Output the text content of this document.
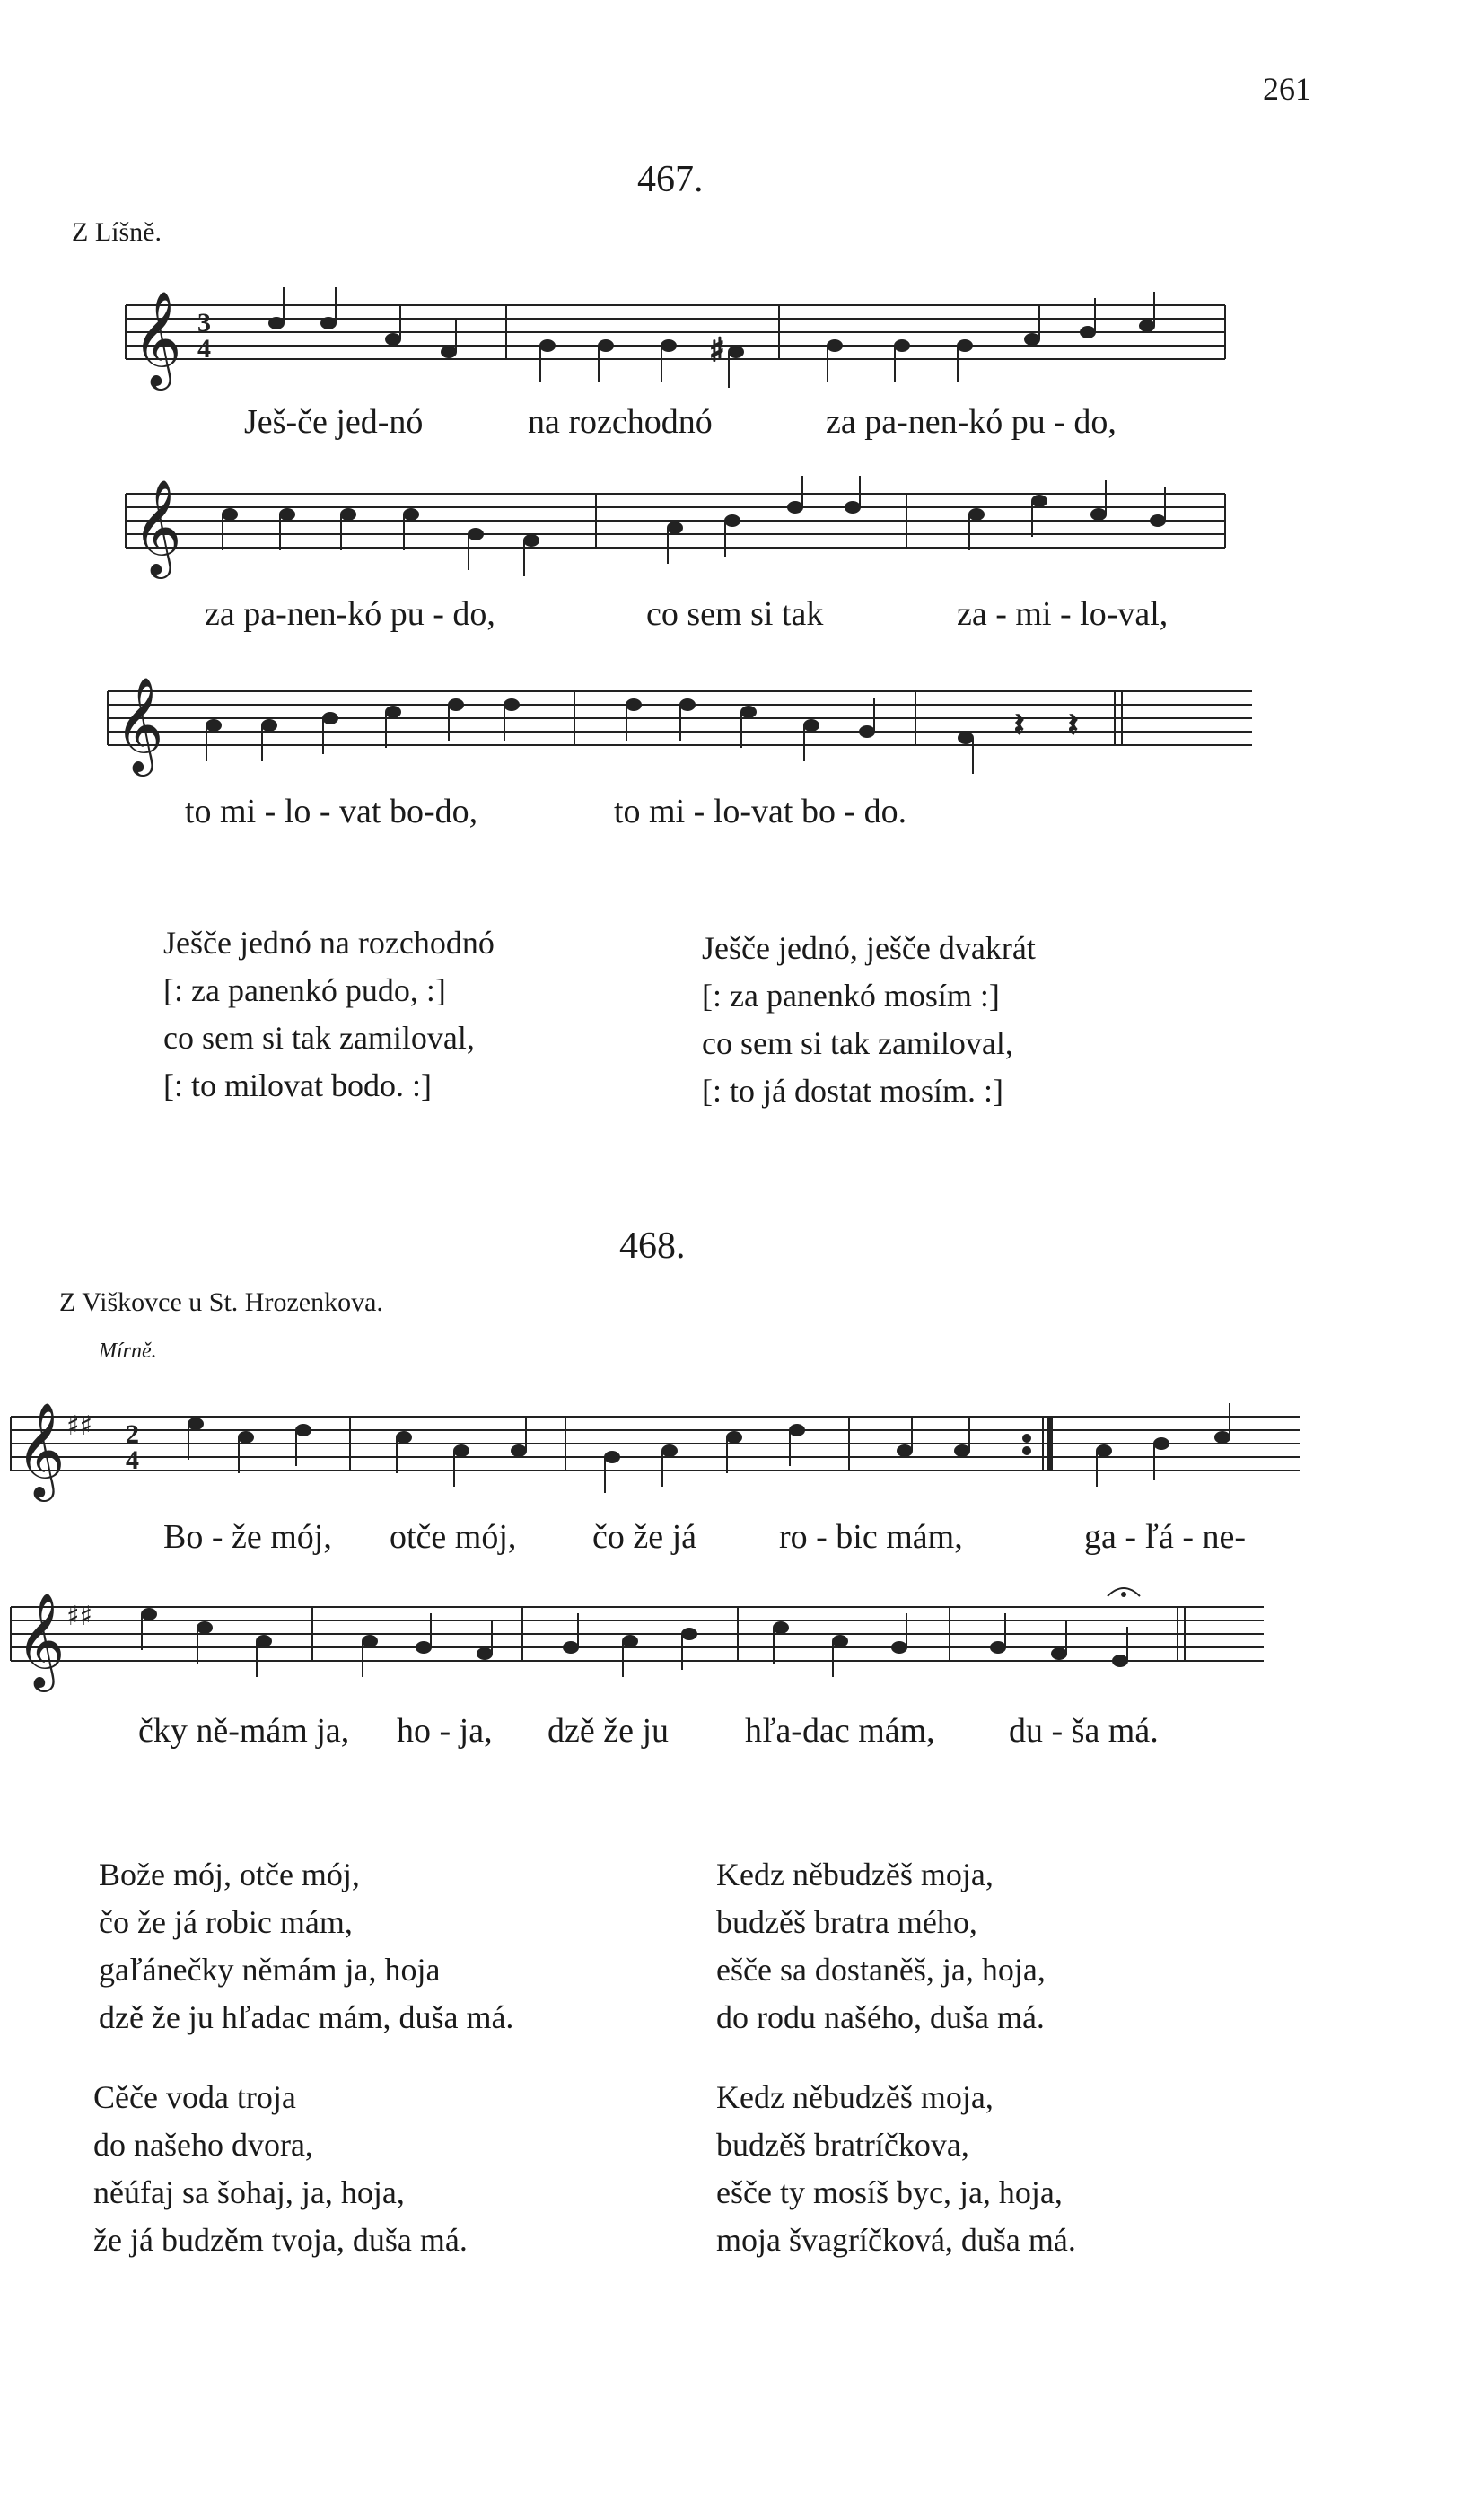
261
467.
Z Líšně.
𝄞 3
4	♯
Ješ-če jed-nó	na rozchodnó	za pa-nen-kó pu - do,
𝄞
za pa-nen-kó pu - do,	co sem si tak	za - mi - lo-val,
𝄞	𝄽 𝄽
to mi - lo - vat bo-do,	to mi - lo-vat bo - do.
Ješče jednó na rozchodnó
[: za panenkó pudo, :]
co sem si tak zamiloval,
[: to milovat bodo. :]
Ješče jednó, ješče dvakrát
[: za panenkó mosím :]
co sem si tak zamiloval,
[: to já dostat mosím. :]
468.
Z Viškovce u St. Hrozenkova.
Mírně.
𝄞 ♯♯ 2
4
Bo - že mój, otče mój, čo že já ro - bic mám,	ga - ľá - ne-
𝄞 ♯♯
čky ně-mám ja, ho - ja, dzě že ju hľa-dac mám, du - ša má.
Bože mój, otče mój,
čo že já robic mám,
gaľánečky němám ja, hoja
dzě že ju hľadac mám, duša má.
Kedz něbudzěš moja,
budzěš bratra mého,
ešče sa dostaněš, ja, hoja,
do rodu našého, duša má.
Cěče voda troja
do našeho dvora,
něúfaj sa šohaj, ja, hoja,
že já budzěm tvoja, duša má.
Kedz něbudzěš moja,
budzěš bratríčkova,
ešče ty mosíš byc, ja, hoja,
moja švagríčková, duša má.
